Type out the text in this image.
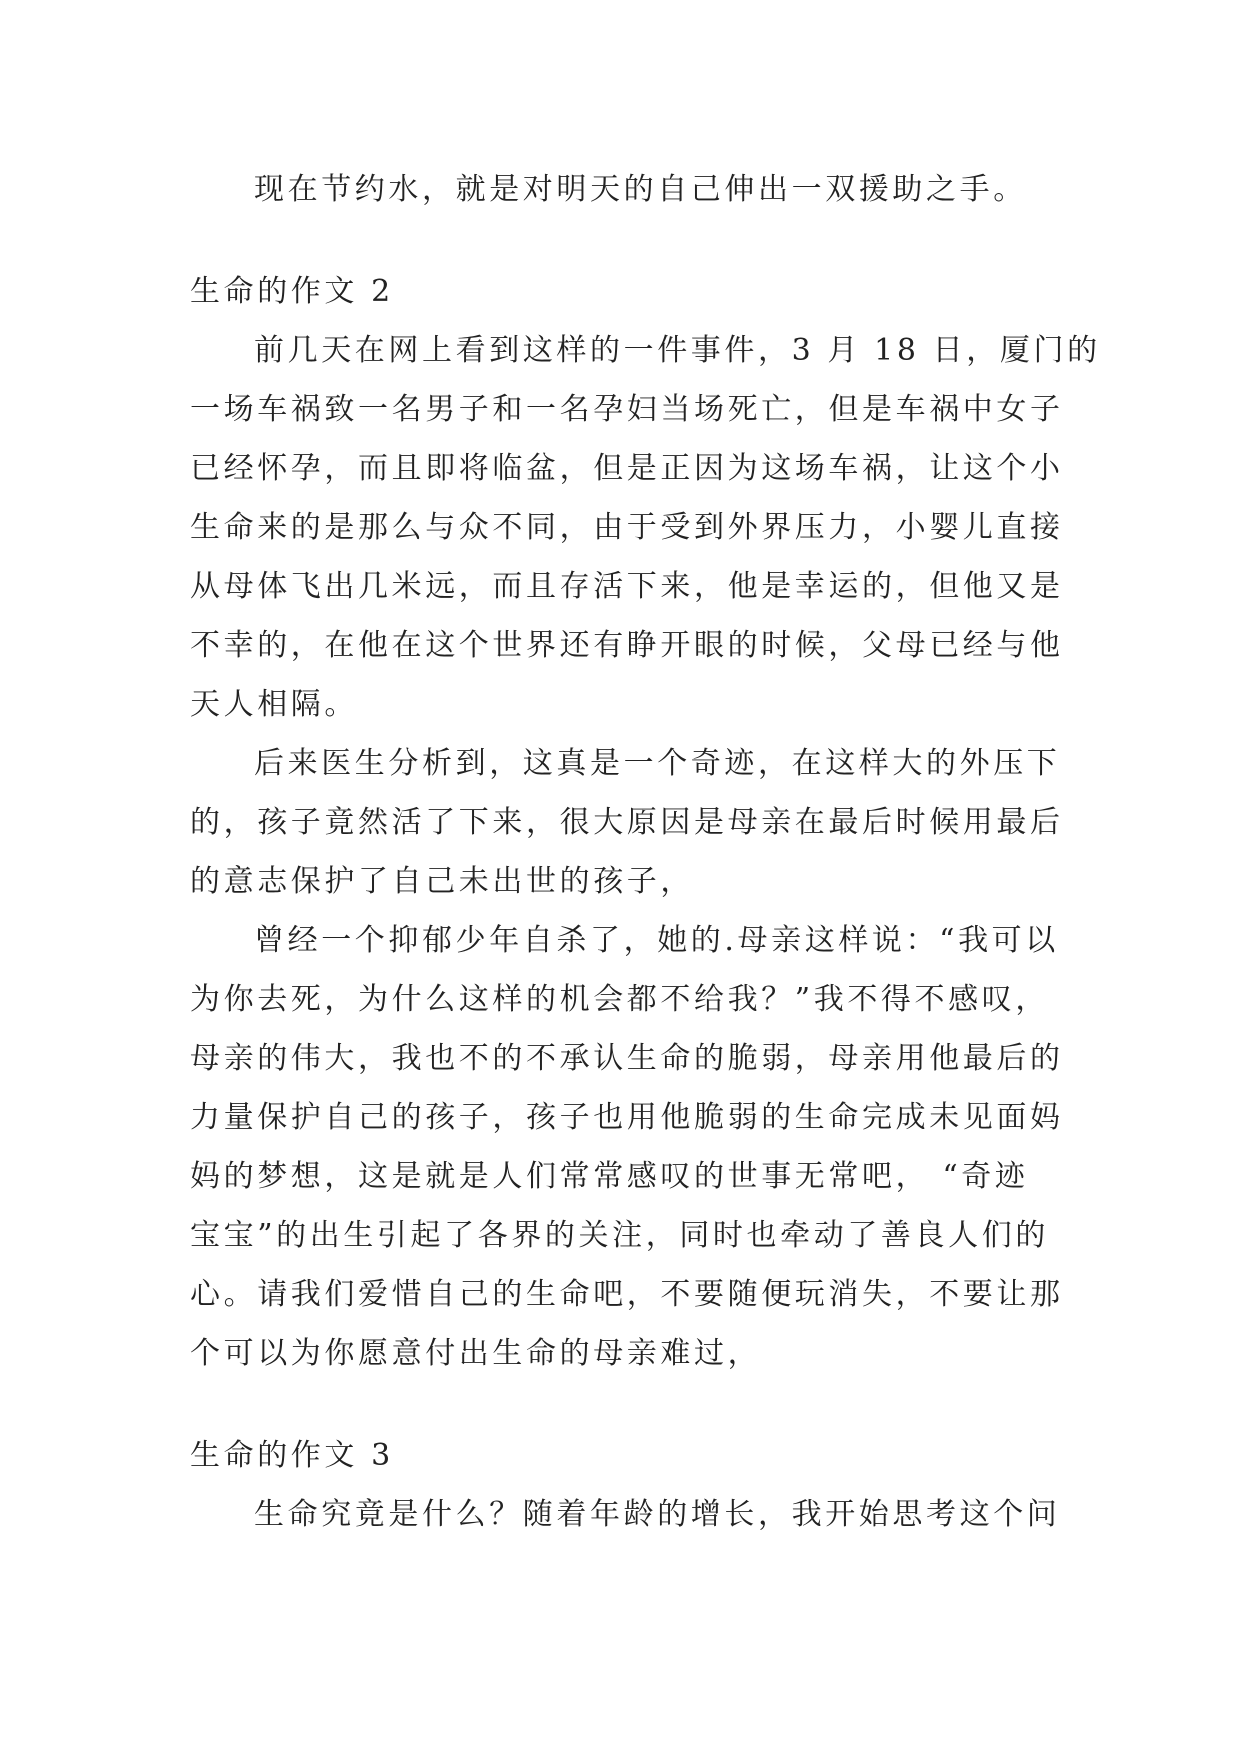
现在节约水，就是对明天的自己伸出一双援助之手。

生命的作文 2

前几天在网上看到这样的一件事件，3 月 18 日，厦门的

一场车祸致一名男子和一名孕妇当场死亡，但是车祸中女子

已经怀孕，而且即将临盆，但是正因为这场车祸，让这个小

生命来的是那么与众不同，由于受到外界压力，小婴儿直接

从母体飞出几米远，而且存活下来，他是幸运的，但他又是

不幸的，在他在这个世界还有睁开眼的时候，父母已经与他

天人相隔。

后来医生分析到，这真是一个奇迹，在这样大的外压下

的，孩子竟然活了下来，很大原因是母亲在最后时候用最后

的意志保护了自己未出世的孩子，

曾经一个抑郁少年自杀了，她的.母亲这样说：“我可以

为你去死，为什么这样的机会都不给我？”我不得不感叹，

母亲的伟大，我也不的不承认生命的脆弱，母亲用他最后的

力量保护自己的孩子，孩子也用他脆弱的生命完成未见面妈

妈的梦想，这是就是人们常常感叹的世事无常吧， “奇迹

宝宝”的出生引起了各界的关注，同时也牵动了善良人们的

心。请我们爱惜自己的生命吧，不要随便玩消失，不要让那

个可以为你愿意付出生命的母亲难过，

生命的作文 3

生命究竟是什么？随着年龄的增长，我开始思考这个问
